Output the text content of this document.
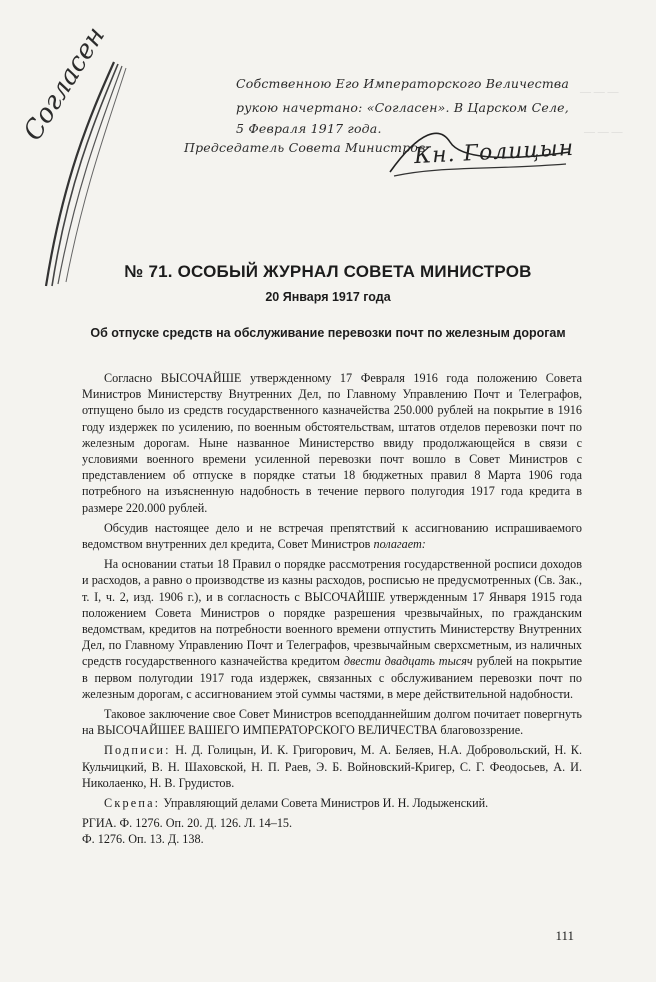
Согласен	— — —
— — —
Собственною Его Императорского Величества
рукою начертано: «Согласен». В Царском Селе,
5 Февраля 1917 года.
Председатель Совета Министров
Кн. Голицын
№ 71. ОСОБЫЙ ЖУРНАЛ СОВЕТА МИНИСТРОВ
20 Января 1917 года
Об отпуске средств на обслуживание перевозки почт по железным дорогам

Согласно ВЫСОЧАЙШЕ утвержденному 17 Февраля 1916 года положению Совета Министров Министерству Внутренних Дел, по Главному Управлению Почт и Телеграфов, отпущено было из средств государственного казначейства 250.000 рублей на покрытие в 1916 году издержек по усилению, по военным обстоятельствам, штатов отделов перевозки почт по железным дорогам. Ныне названное Министерство ввиду продолжающейся в связи с условиями военного времени усиленной перевозки почт вошло в Совет Министров с представлением об отпуске в порядке статьи 18 бюджетных правил 8 Марта 1906 года потребного на изъясненную надобность в течение первого полугодия 1917 года кредита в размере 220.000 рублей.

Обсудив настоящее дело и не встречая препятствий к ассигнованию испрашиваемого ведомством внутренних дел кредита, Совет Министров полагает:

На основании статьи 18 Правил о порядке рассмотрения государственной росписи доходов и расходов, а равно о производстве из казны расходов, росписью не предусмотренных (Св. Зак., т. I, ч. 2, изд. 1906 г.), и в согласность с ВЫСОЧАЙШЕ утвержденным 17 Января 1915 года положением Совета Министров о порядке разрешения чрезвычайных, по гражданским ведомствам, кредитов на потребности военного времени отпустить Министерству Внутренних Дел, по Главному Управлению Почт и Телеграфов, чрезвычайным сверхсметным, из наличных средств государственного казначейства кредитом двести двадцать тысяч рублей на покрытие в первом полугодии 1917 года издержек, связанных с обслуживанием перевозки почт по железным дорогам, с ассигнованием этой суммы частями, в мере действительной надобности.

Таковое заключение свое Совет Министров всеподданнейшим долгом почитает повергнуть на ВЫСОЧАЙШЕЕ ВАШЕГО ИМПЕРАТОРСКОГО ВЕЛИЧЕСТВА благовоззрение.

Подписи: Н. Д. Голицын, И. К. Григорович, М. А. Беляев, Н.А. Добровольский, Н. К. Кульчицкий, В. Н. Шаховской, Н. П. Раев, Э. Б. Войновский-Кригер, С. Г. Феодосьев, А. И. Николаенко, Н. В. Грудистов.

Скрепа: Управляющий делами Совета Министров И. Н. Лодыженский.

РГИА. Ф. 1276. Оп. 20. Д. 126. Л. 14–15.

Ф. 1276. Оп. 13. Д. 138.

111
